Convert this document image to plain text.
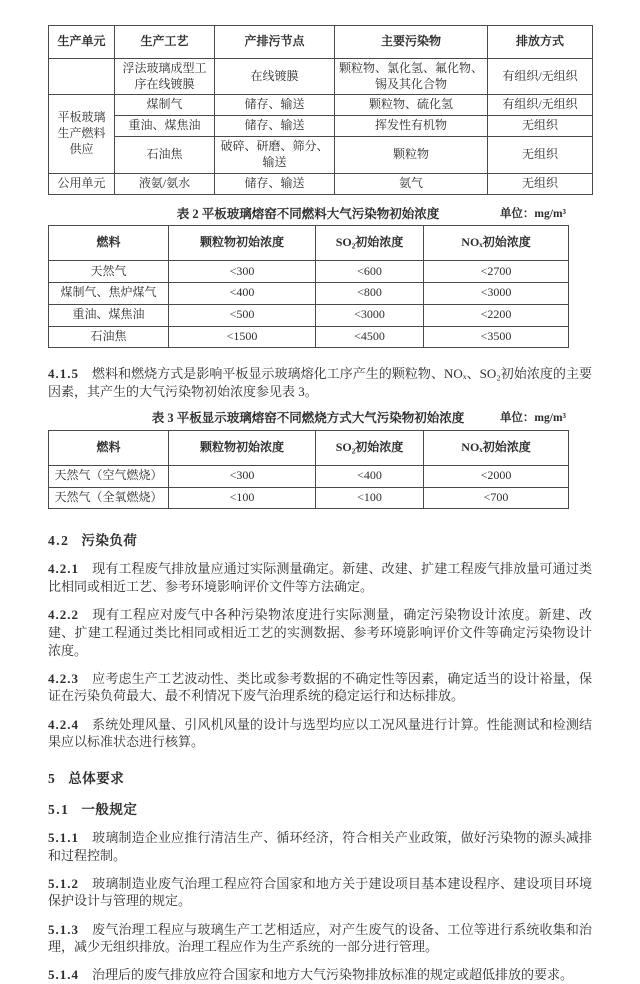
生产单元	生产工艺	产排污节点	主要污染物	排放方式
	浮法玻璃成型工序在线镀膜	在线镀膜	颗粒物、氯化氢、氟化物、锡及其化合物	有组织/无组织
平板玻璃生产燃料供应	煤制气	储存、输送	颗粒物、硫化氢	有组织/无组织
	重油、煤焦油	储存、输送	挥发性有机物	无组织
	石油焦	破碎、研磨、筛分、输送	颗粒物	无组织
公用单元	液氨/氨水	储存、输送	氨气	无组织
表 2 平板玻璃熔窑不同燃料大气污染物初始浓度	单位：mg/m³
燃料	颗粒物初始浓度	SO₂初始浓度	NOₓ初始浓度
天然气	<300	<600	<2700
煤制气、焦炉煤气	<400	<800	<3000
重油、煤焦油	<500	<3000	<2200
石油焦	<1500	<4500	<3500

4.1.5 燃料和燃烧方式是影响平板显示玻璃熔化工序产生的颗粒物、NOₓ、SO₂初始浓度的主要因素，其产生的大气污染物初始浓度参见表 3。

表 3 平板显示玻璃熔窑不同燃烧方式大气污染物初始浓度	单位：mg/m³
燃料	颗粒物初始浓度	SO₂初始浓度	NOₓ初始浓度
天然气（空气燃烧）	<300	<400	<2000
天然气（全氧燃烧）	<100	<100	<700
4.2 污染负荷

4.2.1 现有工程废气排放量应通过实际测量确定。新建、改建、扩建工程废气排放量可通过类比相同或相近工艺、参考环境影响评价文件等方法确定。

4.2.2 现有工程应对废气中各种污染物浓度进行实际测量，确定污染物设计浓度。新建、改建、扩建工程通过类比相同或相近工艺的实测数据、参考环境影响评价文件等确定污染物设计浓度。

4.2.3 应考虑生产工艺波动性、类比或参考数据的不确定性等因素，确定适当的设计裕量，保证在污染负荷最大、最不利情况下废气治理系统的稳定运行和达标排放。

4.2.4 系统处理风量、引风机风量的设计与选型均应以工况风量进行计算。性能测试和检测结果应以标准状态进行核算。

5 总体要求
5.1 一般规定

5.1.1 玻璃制造企业应推行清洁生产、循环经济，符合相关产业政策，做好污染物的源头减排和过程控制。

5.1.2 玻璃制造业废气治理工程应符合国家和地方关于建设项目基本建设程序、建设项目环境保护设计与管理的规定。

5.1.3 废气治理工程应与玻璃生产工艺相适应，对产生废气的设备、工位等进行系统收集和治理，减少无组织排放。治理工程应作为生产系统的一部分进行管理。

5.1.4 治理后的废气排放应符合国家和地方大气污染物排放标准的规定或超低排放的要求。
